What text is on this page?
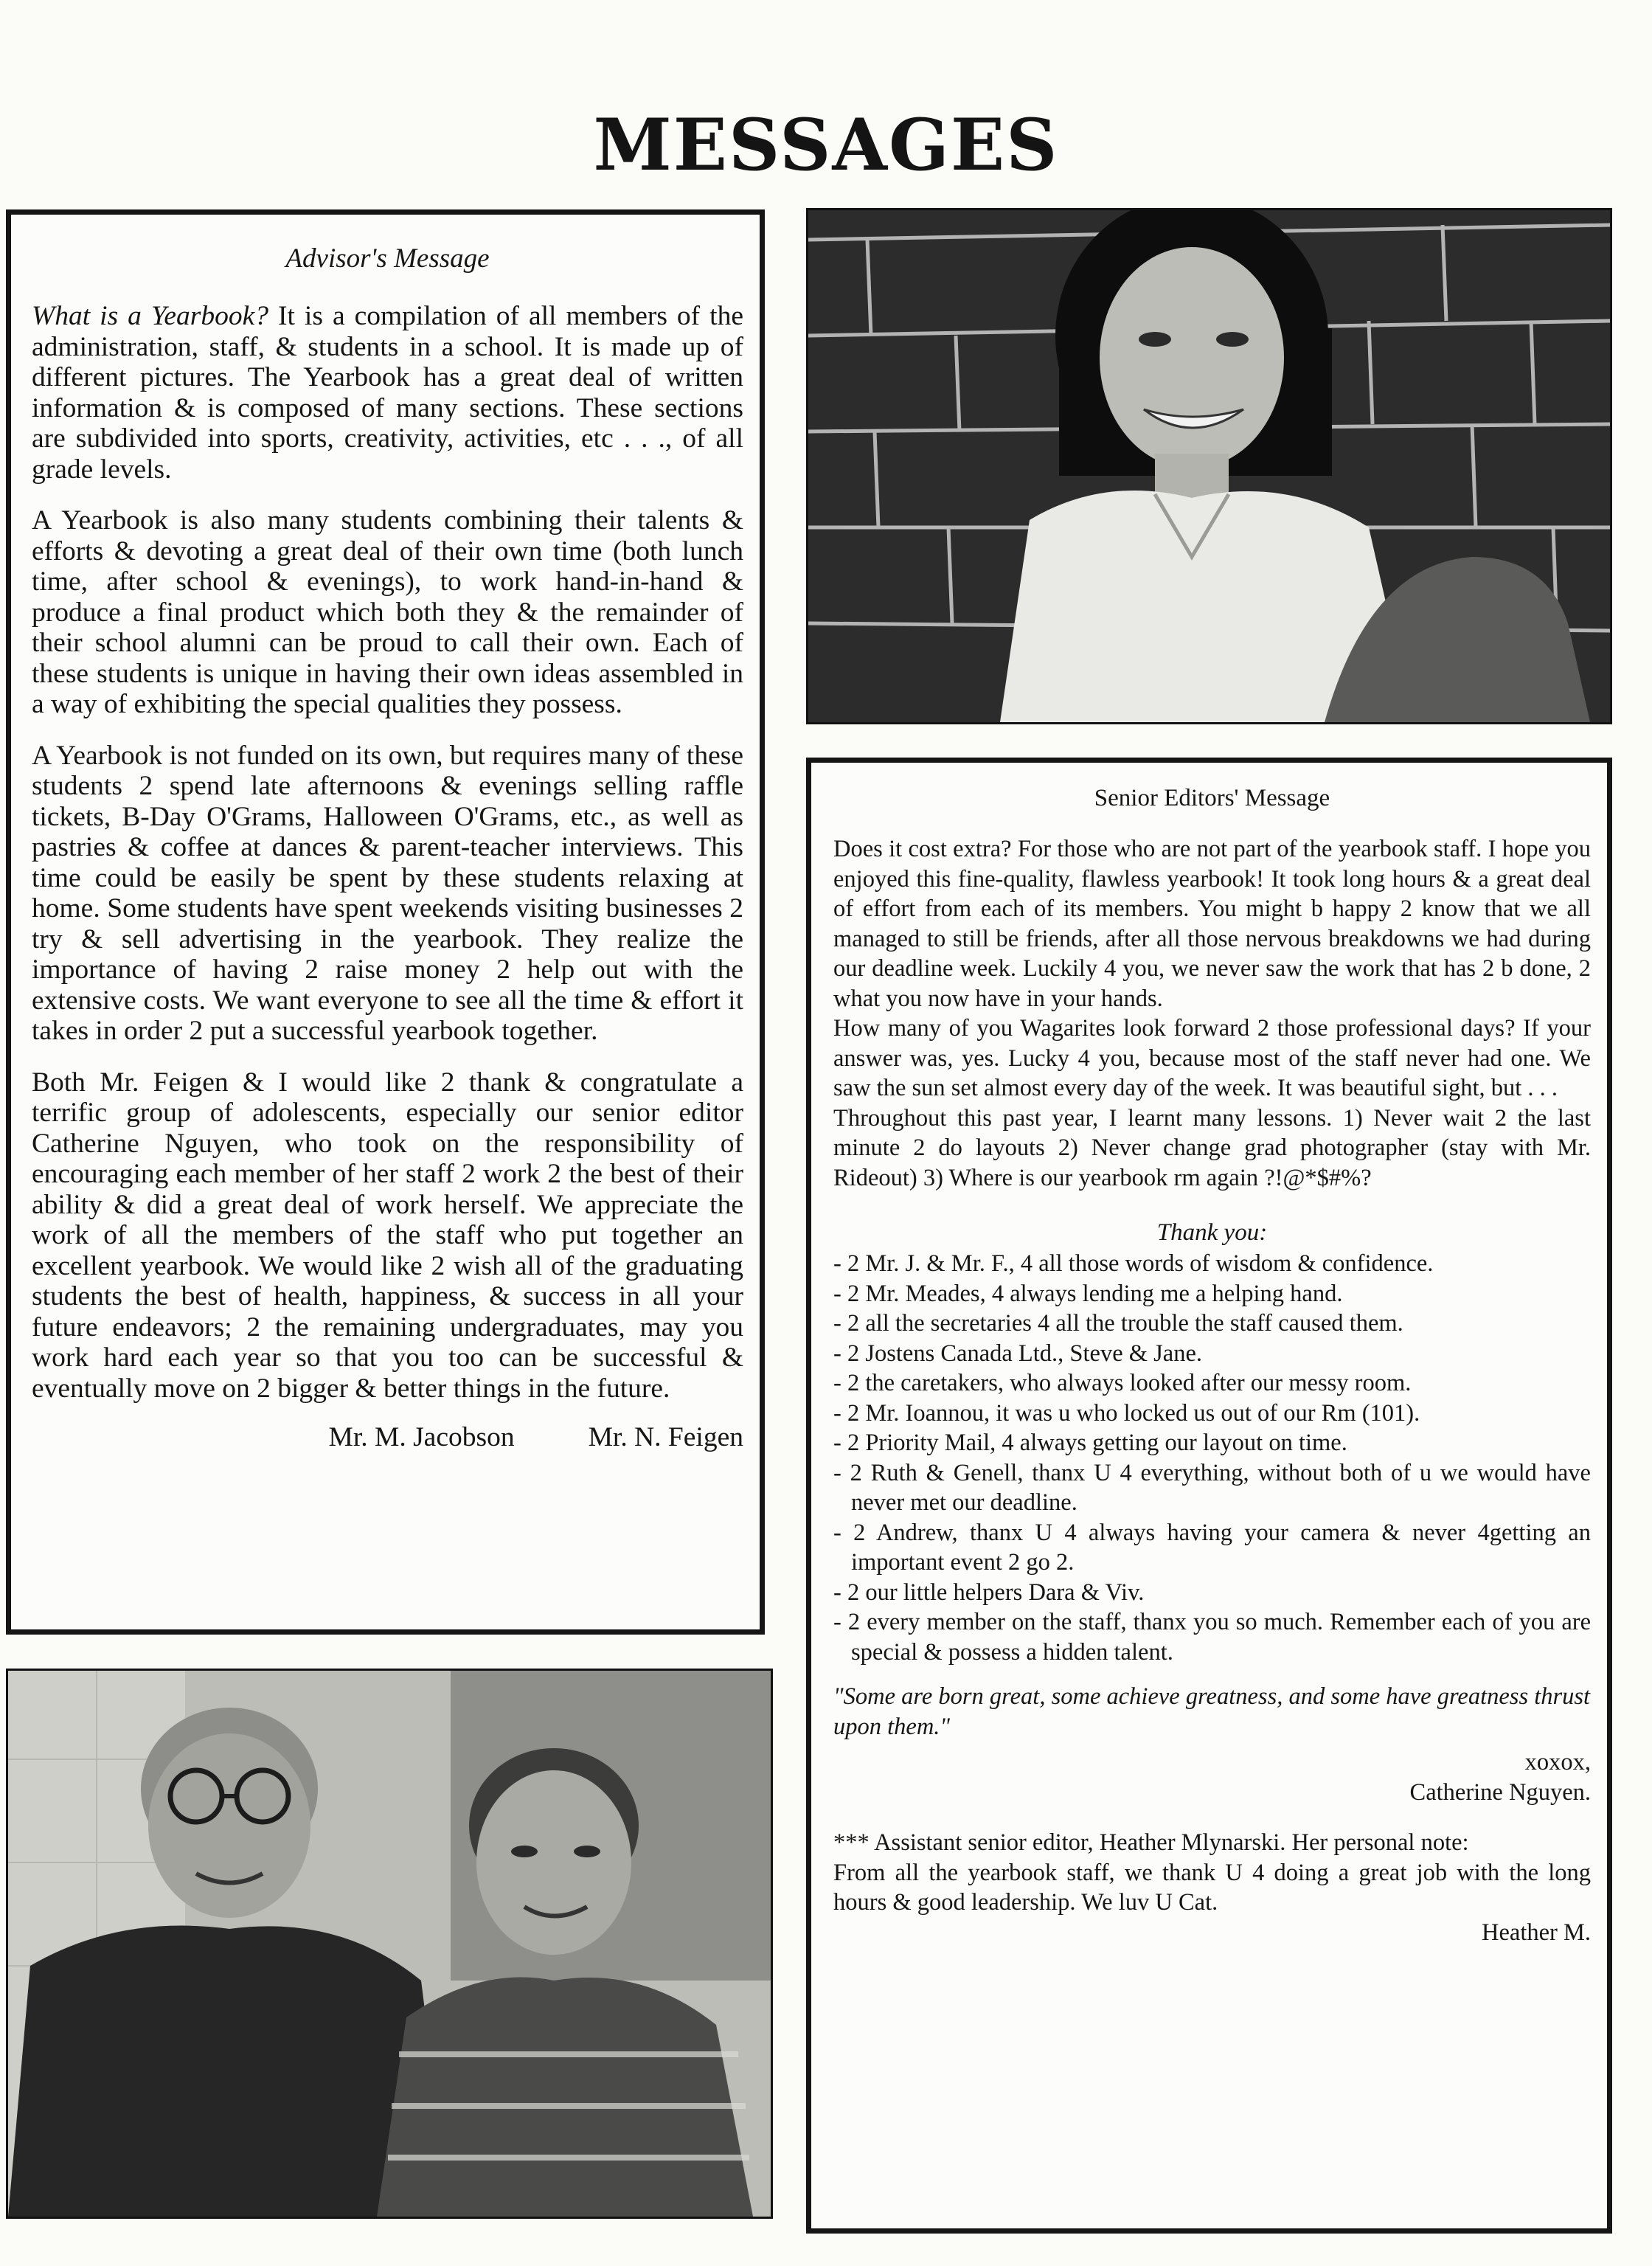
MESSAGES
Advisor's Message

What is a Yearbook? It is a compilation of all members of the administration, staff, & students in a school. It is made up of different pictures. The Yearbook has a great deal of written information & is composed of many sections. These sections are subdivided into sports, creativity, activities, etc . . ., of all grade levels.

A Yearbook is also many students combining their talents & efforts & devoting a great deal of their own time (both lunch time, after school & evenings), to work hand-in-hand & produce a final product which both they & the remainder of their school alumni can be proud to call their own. Each of these students is unique in having their own ideas assembled in a way of exhibiting the special qualities they possess.

A Yearbook is not funded on its own, but requires many of these students 2 spend late afternoons & evenings selling raffle tickets, B-Day O'Grams, Halloween O'Grams, etc., as well as pastries & coffee at dances & parent-teacher interviews. This time could be easily be spent by these students relaxing at home. Some students have spent weekends visiting businesses 2 try & sell advertising in the yearbook. They realize the importance of having 2 raise money 2 help out with the extensive costs. We want everyone to see all the time & effort it takes in order 2 put a successful yearbook together.

Both Mr. Feigen & I would like 2 thank & congratulate a terrific group of adolescents, especially our senior editor Catherine Nguyen, who took on the responsibility of encouraging each member of her staff 2 work 2 the best of their ability & did a great deal of work herself. We appreciate the work of all the members of the staff who put together an excellent yearbook. We would like 2 wish all of the graduating students the best of health, happiness, & success in all your future endeavors; 2 the remaining undergraduates, may you work hard each year so that you too can be successful & eventually move on 2 bigger & better things in the future.

Mr. M. Jacobson	Mr. N. Feigen
Senior Editors' Message

Does it cost extra? For those who are not part of the yearbook staff. I hope you enjoyed this fine-quality, flawless yearbook! It took long hours & a great deal of effort from each of its members. You might b happy 2 know that we all managed to still be friends, after all those nervous breakdowns we had during our deadline week. Luckily 4 you, we never saw the work that has 2 b done, 2 what you now have in your hands.

How many of you Wagarites look forward 2 those professional days? If your answer was, yes. Lucky 4 you, because most of the staff never had one. We saw the sun set almost every day of the week. It was beautiful sight, but . . .

Throughout this past year, I learnt many lessons. 1) Never wait 2 the last minute 2 do layouts 2) Never change grad photographer (stay with Mr. Rideout) 3) Where is our yearbook rm again ?!@*$#%?

Thank you:
- 2 Mr. J. & Mr. F., 4 all those words of wisdom & confidence.
- 2 Mr. Meades, 4 always lending me a helping hand.
- 2 all the secretaries 4 all the trouble the staff caused them.
- 2 Jostens Canada Ltd., Steve & Jane.
- 2 the caretakers, who always looked after our messy room.
- 2 Mr. Ioannou, it was u who locked us out of our Rm (101).
- 2 Priority Mail, 4 always getting our layout on time.
- 2 Ruth & Genell, thanx U 4 everything, without both of u we would have never met our deadline.
- 2 Andrew, thanx U 4 always having your camera & never 4getting an important event 2 go 2.
- 2 our little helpers Dara & Viv.
- 2 every member on the staff, thanx you so much. Remember each of you are special & possess a hidden talent.
"Some are born great, some achieve greatness, and some have greatness thrust upon them."
xoxox,
Catherine Nguyen.
*** Assistant senior editor, Heather Mlynarski. Her personal note:

From all the yearbook staff, we thank U 4 doing a great job with the long hours & good leadership. We luv U Cat.

Heather M.
